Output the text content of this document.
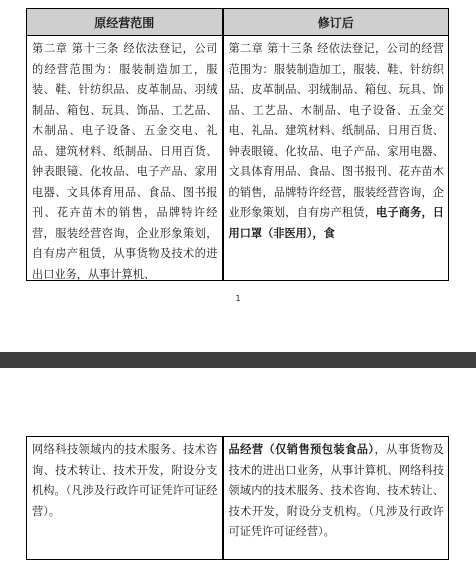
原经营范围	修订后

第二章 第十三条 经依法登记，公司的经营范围为：服装制造加工，服装、鞋、针纺织品、皮革制品、羽绒制品、箱包、玩具、饰品、工艺品、木制品、电子设备、五金交电、礼品、建筑材料、纸制品、日用百货、钟表眼镜、化妆品、电子产品、家用电器、文具体育用品、食品、图书报刊、花卉苗木的销售，品牌特许经营，服装经营咨询，企业形象策划，自有房产租赁，从事货物及技术的进出口业务，从事计算机、	第二章 第十三条 经依法登记，公司的经营范围为：服装制造加工，服装、鞋、针纺织品、皮革制品、羽绒制品、箱包、玩具、饰品、工艺品、木制品、电子设备、五金交电、礼品、建筑材料、纸制品、日用百货、钟表眼镜、化妆品、电子产品、家用电器、文具体育用品、食品、图书报刊、花卉苗木的销售，品牌特许经营，服装经营咨询，企业形象策划，自有房产租赁，电子商务，日用口罩（非医用），食
1
网络科技领域内的技术服务、技术咨询、技术转让、技术开发，附设分支机构。（凡涉及行政许可证凭许可证经营）。

品经营（仅销售预包装食品），从事货物及技术的进出口业务，从事计算机、网络科技领域内的技术服务、技术咨询、技术转让、技术开发，附设分支机构。（凡涉及行政许可证凭许可证经营）。
